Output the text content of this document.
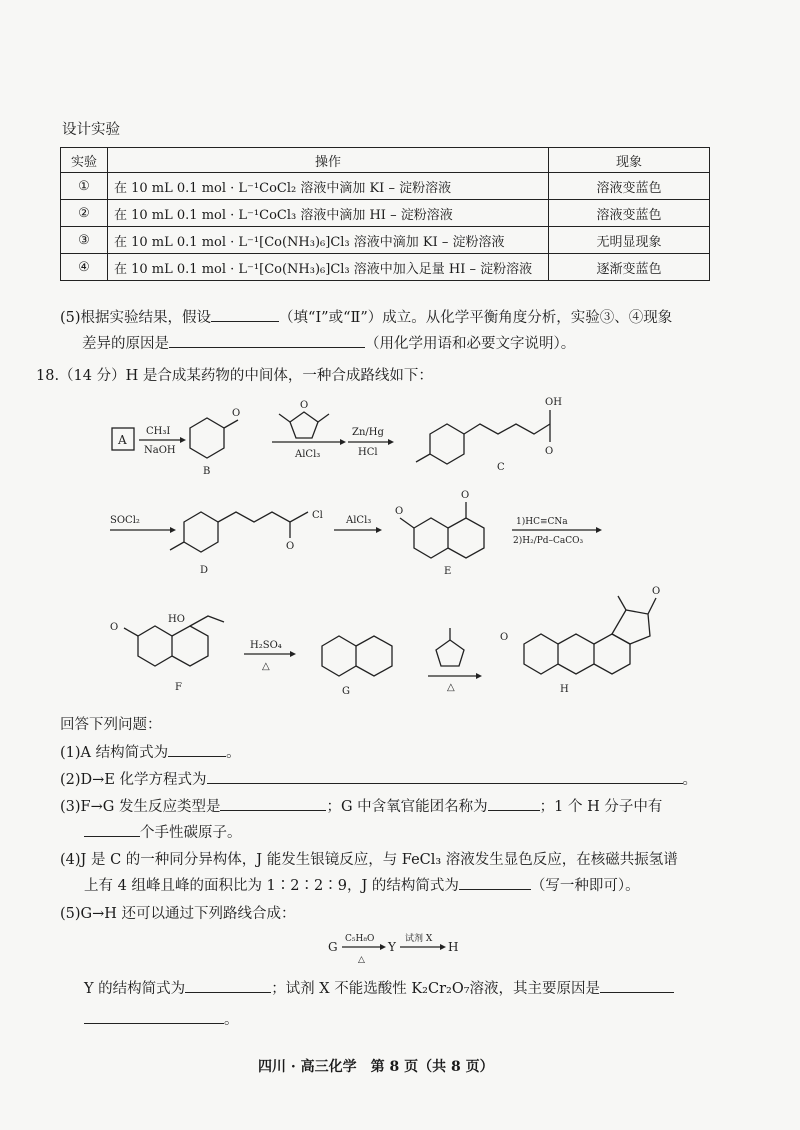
设计实验
实验	操作	现象
①	在 10 mL 0.1 mol · L⁻¹CoCl₂ 溶液中滴加 KI – 淀粉溶液	溶液变蓝色
②	在 10 mL 0.1 mol · L⁻¹CoCl₃ 溶液中滴加 HI – 淀粉溶液	溶液变蓝色
③	在 10 mL 0.1 mol · L⁻¹[Co(NH₃)₆]Cl₃ 溶液中滴加 KI – 淀粉溶液	无明显现象
④	在 10 mL 0.1 mol · L⁻¹[Co(NH₃)₆]Cl₃ 溶液中加入足量 HI – 淀粉溶液	逐渐变蓝色
(5)根据实验结果，假设	（填“Ⅰ”或“Ⅱ”）成立。从化学平衡角度分析，实验③、④现象
差异的原因是	（用化学用语和必要文字说明）。
18.（14 分）H 是合成某药物的中间体，一种合成路线如下：
A
CH₃I
NaOH
O
B
O
AlCl₃
Zn/Hg
HCl
OH
O
C
SOCl₂	Cl
O
D
AlCl₃
O
O
E
1)HC≡CNa
2)H₂/Pd–CaCO₃
HO
O
F
H₂SO₄
△
G	△
O
O
H
回答下列问题：
(1)A 结构简式为	。
(2)D→E 化学方程式为	。
(3)F→G 发生反应类型是	；G 中含氧官能团名称为	；1 个 H 分子中有
个手性碳原子。
(4)J 是 C 的一种同分异构体，J 能发生银镜反应，与 FeCl₃ 溶液发生显色反应，在核磁共振氢谱
上有 4 组峰且峰的面积比为 1∶2∶2∶9，J 的结构简式为	（写一种即可）。
(5)G→H 还可以通过下列路线合成：
G
C₅H₈O
△
Y
试剂 X
H
Y 的结构简式为	；试剂 X 不能选酸性 K₂Cr₂O₇溶液，其主要原因是
。
四川 · 高三化学　第 8 页（共 8 页）
